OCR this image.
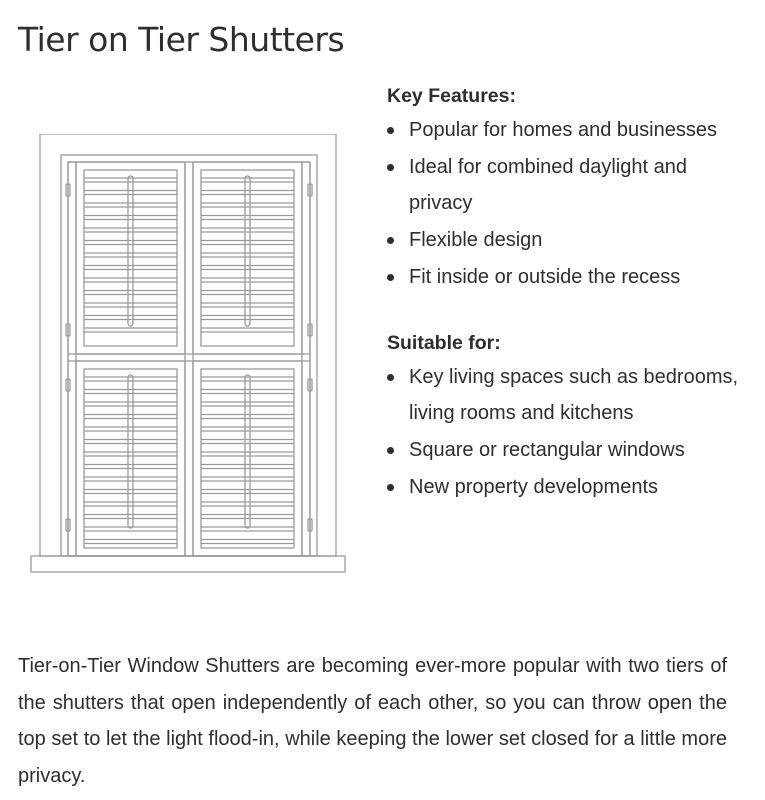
Tier on Tier Shutters
Key Features:
Popular for homes and businesses
Ideal for combined daylight and privacy
Flexible design
Fit inside or outside the recess
Suitable for:
Key living spaces such as bedrooms, living rooms and kitchens
Square or rectangular windows
New property developments

Tier-on-Tier Window Shutters are becoming ever-more popular with two tiers of the shutters that open independently of each other, so you can throw open the top set to let the light flood-in, while keeping the lower set closed for a little more privacy.
